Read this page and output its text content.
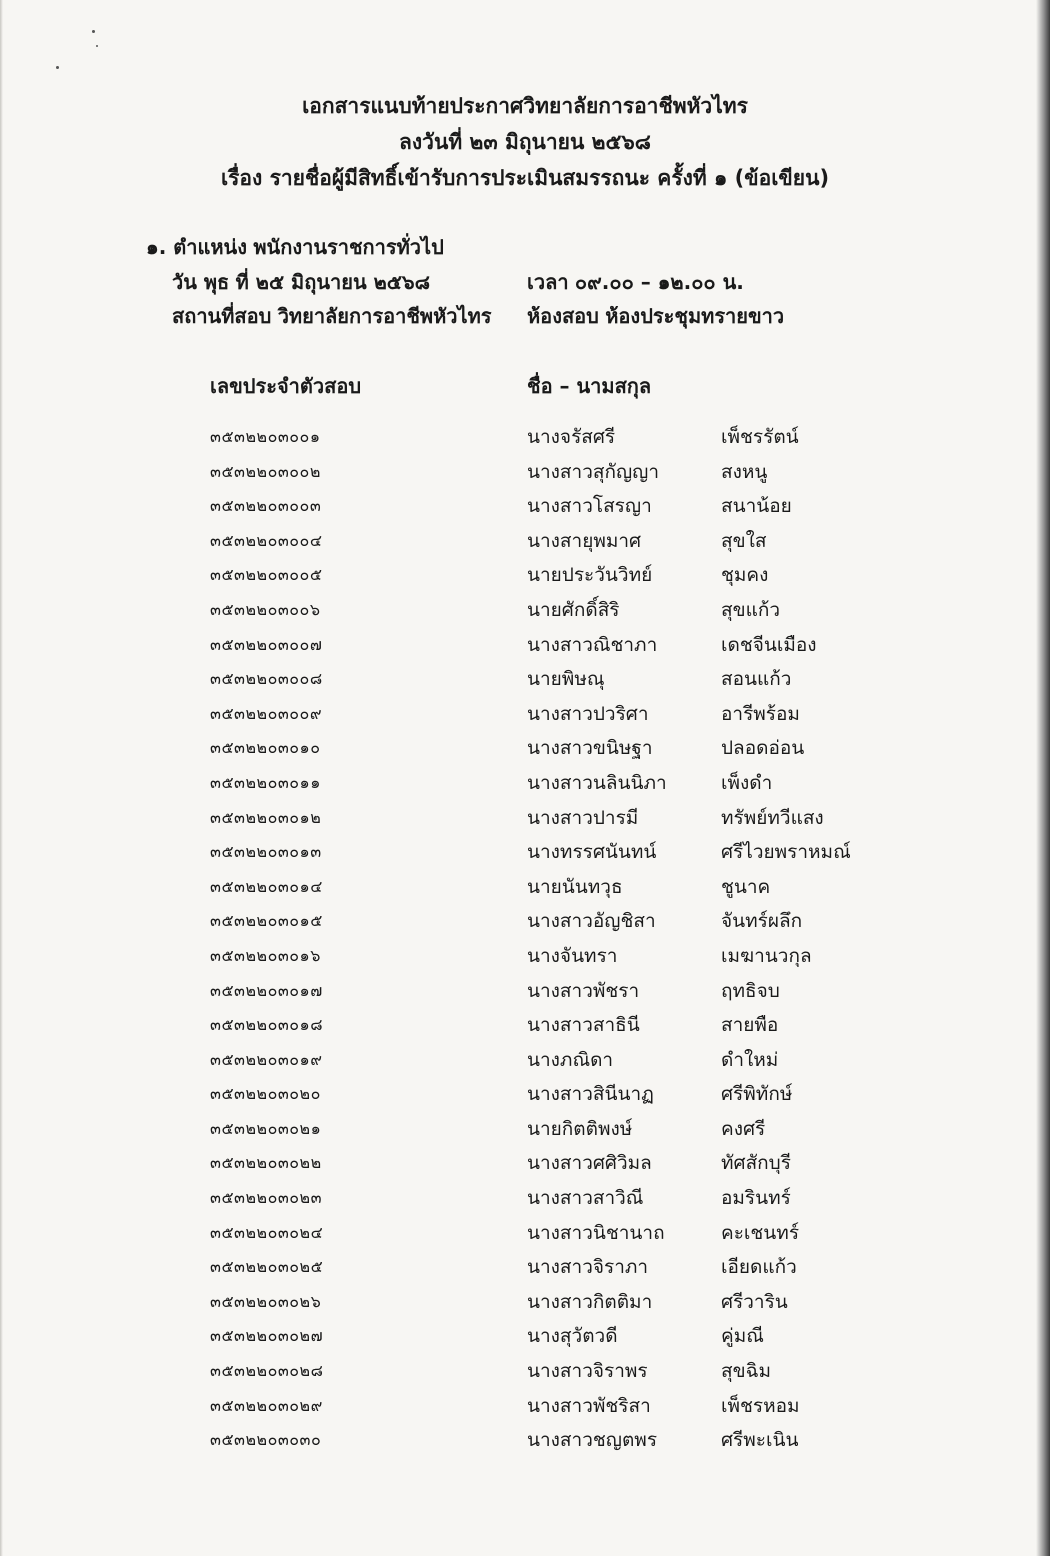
เอกสารแนบท้ายประกาศวิทยาลัยการอาชีพหัวไทร
ลงวันที่ ๒๓ มิถุนายน ๒๕๖๘
เรื่อง รายชื่อผู้มีสิทธิ์เข้ารับการประเมินสมรรถนะ ครั้งที่ ๑ (ข้อเขียน)
๑. ตำแหน่ง พนักงานราชการทั่วไป
วัน พุธ ที่ ๒๕ มิถุนายน ๒๕๖๘	เวลา ๐๙.๐๐ – ๑๒.๐๐ น.
สถานที่สอบ วิทยาลัยการอาชีพหัวไทร ห้องสอบ ห้องประชุมทรายขาว
เลขประจำตัวสอบ	ชื่อ – นามสกุล
๓๕๓๒๒๐๓๐๐๑	นางจรัสศรี	เพ็ชรรัตน์
๓๕๓๒๒๐๓๐๐๒	นางสาวสุกัญญา	สงหนู
๓๕๓๒๒๐๓๐๐๓	นางสาวโสรญา	สนาน้อย
๓๕๓๒๒๐๓๐๐๔	นางสายุพมาศ	สุขใส
๓๕๓๒๒๐๓๐๐๕	นายประวันวิทย์	ชุมคง
๓๕๓๒๒๐๓๐๐๖	นายศักดิ์สิริ	สุขแก้ว
๓๕๓๒๒๐๓๐๐๗	นางสาวณิชาภา	เดชจีนเมือง
๓๕๓๒๒๐๓๐๐๘	นายพิษณุ	สอนแก้ว
๓๕๓๒๒๐๓๐๐๙	นางสาวปวริศา	อารีพร้อม
๓๕๓๒๒๐๓๐๑๐	นางสาวขนิษฐา	ปลอดอ่อน
๓๕๓๒๒๐๓๐๑๑	นางสาวนลินนิภา	เพ็งดำ
๓๕๓๒๒๐๓๐๑๒	นางสาวปารมี	ทรัพย์ทวีแสง
๓๕๓๒๒๐๓๐๑๓	นางทรรศนันทน์	ศรีไวยพราหมณ์
๓๕๓๒๒๐๓๐๑๔	นายนันทวุธ	ชูนาค
๓๕๓๒๒๐๓๐๑๕	นางสาวอัญชิสา	จันทร์ผลึก
๓๕๓๒๒๐๓๐๑๖	นางจันทรา	เมฆานวกุล
๓๕๓๒๒๐๓๐๑๗	นางสาวพัชรา	ฤทธิจบ
๓๕๓๒๒๐๓๐๑๘	นางสาวสาธินี	สายพือ
๓๕๓๒๒๐๓๐๑๙	นางภณิดา	ดำใหม่
๓๕๓๒๒๐๓๐๒๐	นางสาวสินีนาฏ	ศรีพิทักษ์
๓๕๓๒๒๐๓๐๒๑	นายกิตติพงษ์	คงศรี
๓๕๓๒๒๐๓๐๒๒	นางสาวศศิวิมล	ทัศสักบุรี
๓๕๓๒๒๐๓๐๒๓	นางสาวสาวิณี	อมรินทร์
๓๕๓๒๒๐๓๐๒๔	นางสาวนิชานาถ	คะเชนทร์
๓๕๓๒๒๐๓๐๒๕	นางสาวจิราภา	เอียดแก้ว
๓๕๓๒๒๐๓๐๒๖	นางสาวกิตติมา	ศรีวาริน
๓๕๓๒๒๐๓๐๒๗	นางสุวัตวดี	คู่มณี
๓๕๓๒๒๐๓๐๒๘	นางสาวจิราพร	สุขฉิม
๓๕๓๒๒๐๓๐๒๙	นางสาวพัชริสา	เพ็ชรหอม
๓๕๓๒๒๐๓๐๓๐	นางสาวชญตพร	ศรีพะเนิน
